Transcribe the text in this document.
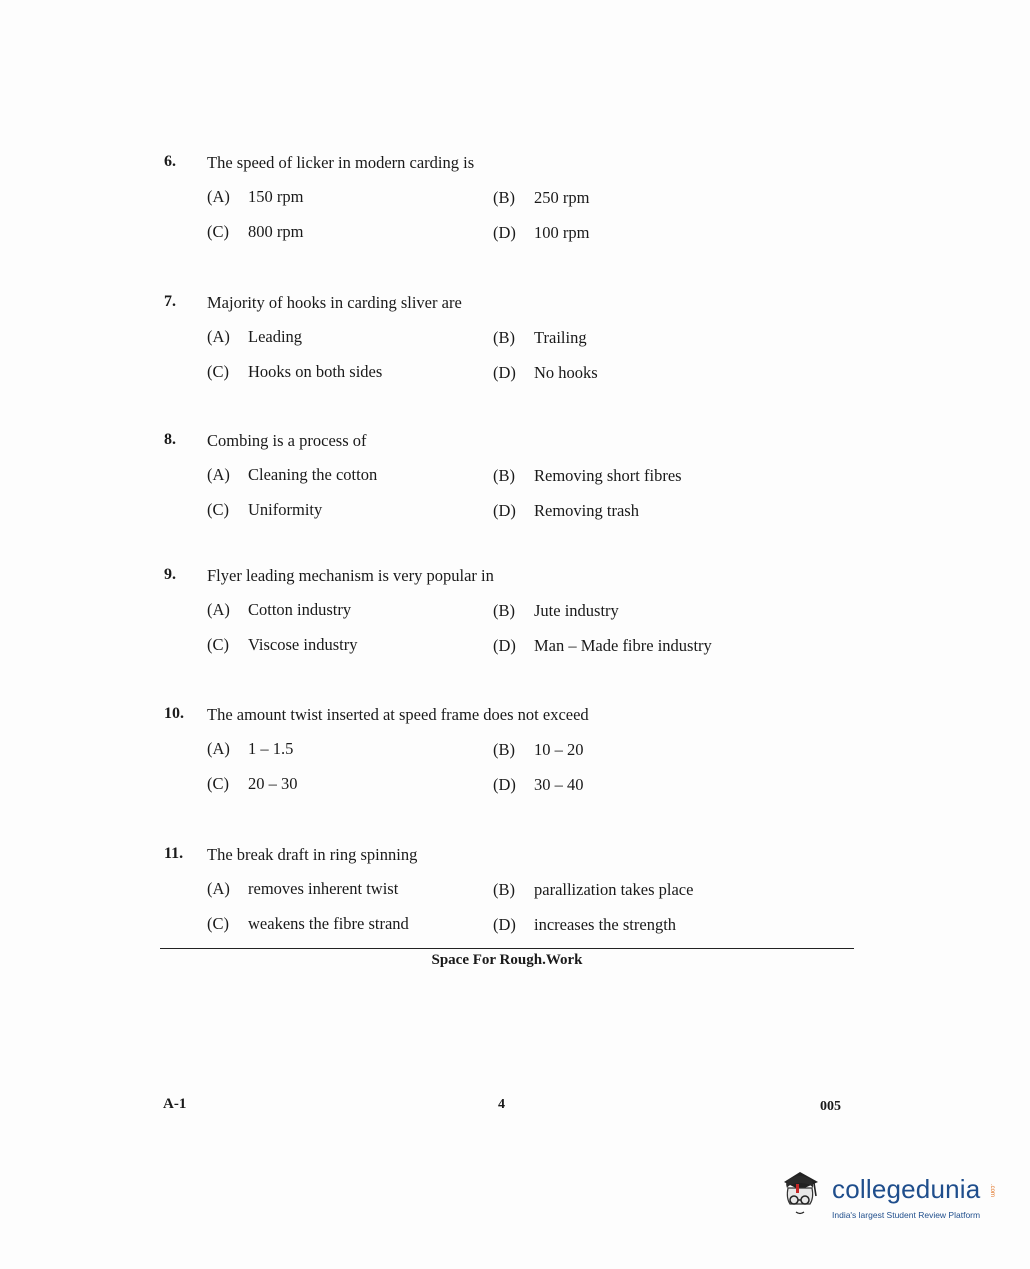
6. The speed of licker in modern carding is
(A) 150 rpm	(B) 250 rpm
(C) 800 rpm	(D) 100 rpm
7. Majority of hooks in carding sliver are
(A) Leading	(B) Trailing
(C) Hooks on both sides	(D) No hooks
8. Combing is a process of
(A) Cleaning the cotton	(B) Removing short fibres
(C) Uniformity	(D) Removing trash
9. Flyer leading mechanism is very popular in
(A) Cotton industry	(B) Jute industry
(C) Viscose industry	(D) Man – Made fibre industry
10. The amount twist inserted at speed frame does not exceed
(A) 1 – 1.5	(B) 10 – 20
(C) 20 – 30	(D) 30 – 40
11. The break draft in ring spinning
(A) removes inherent twist	(B) parallization takes place
(C) weakens the fibre strand	(D) increases the strength
Space For Rough.Work
A-1	4	005
collegedunia .com
India's largest Student Review Platform
